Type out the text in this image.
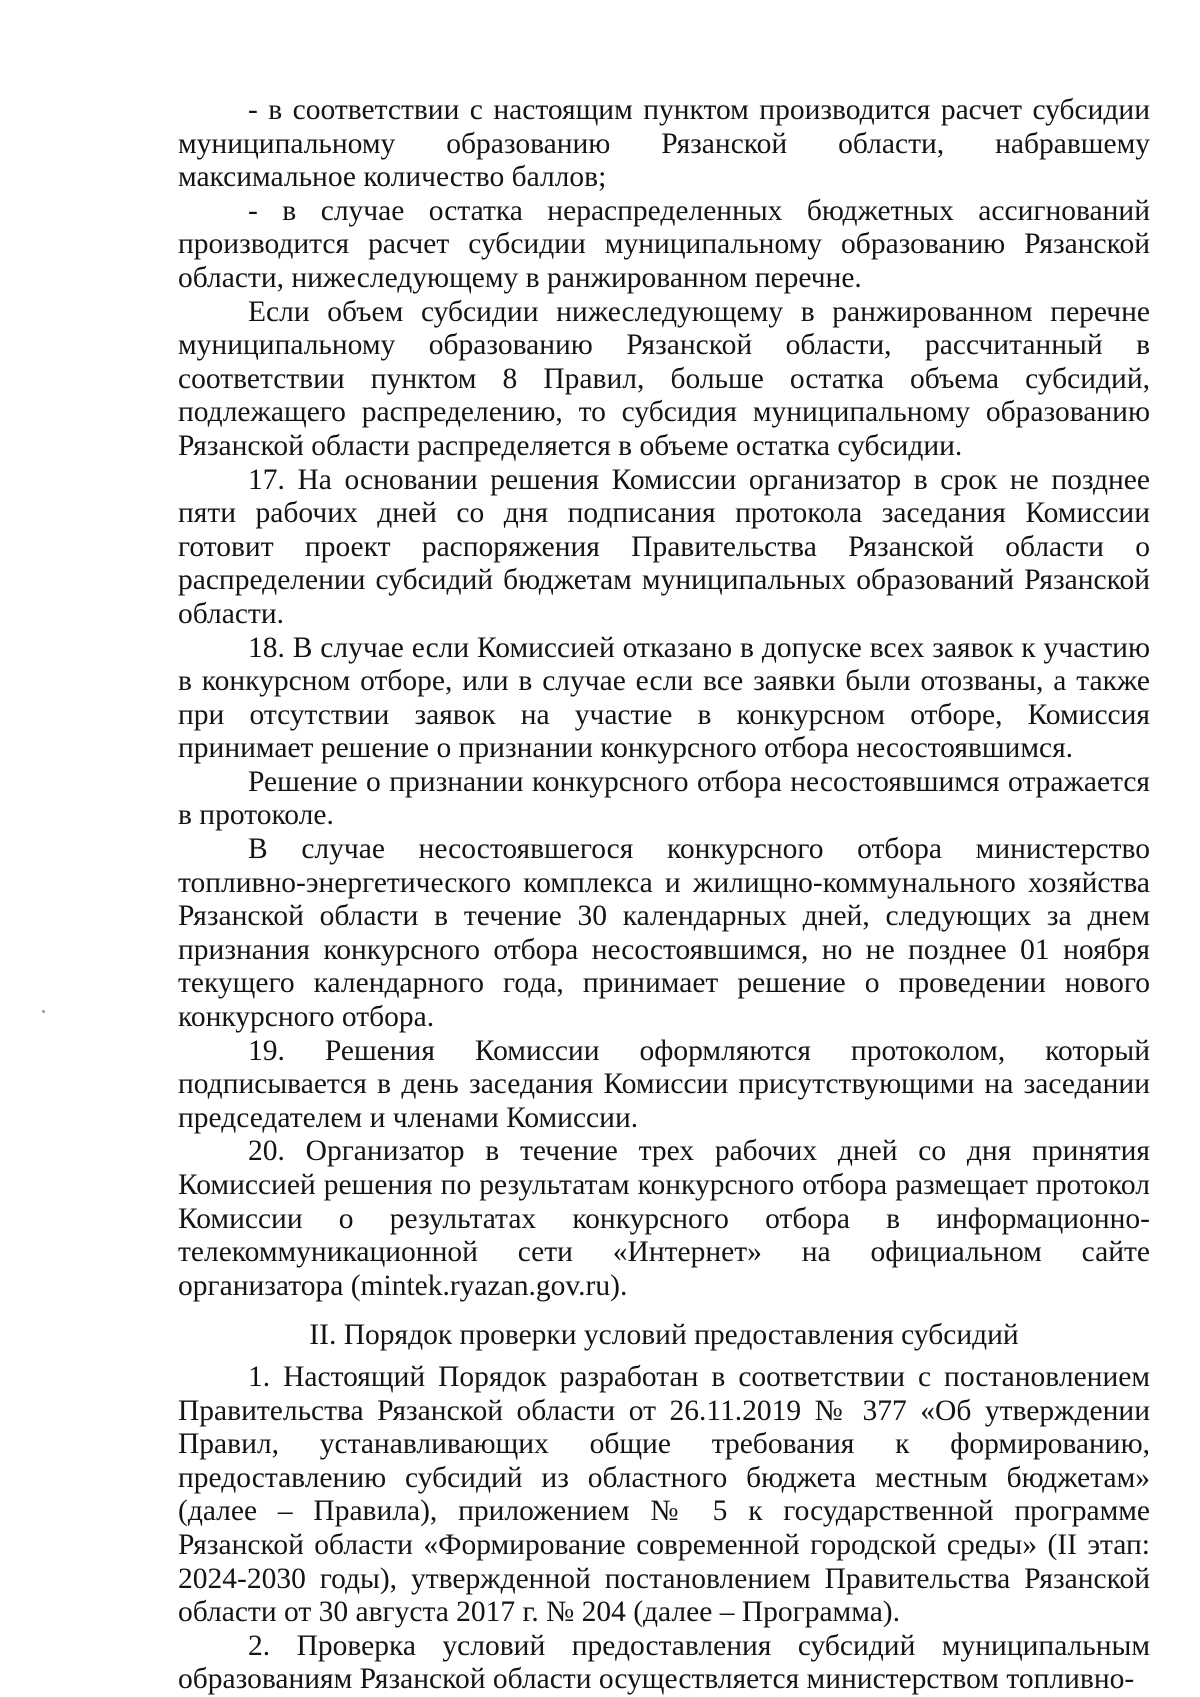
- в соответствии с настоящим пунктом производится расчет субсидии муниципальному образованию Рязанской области, набравшему максимальное количество баллов;

- в случае остатка нераспределенных бюджетных ассигнований производится расчет субсидии муниципальному образованию Рязанской области, нижеследующему в ранжированном перечне.

Если объем субсидии нижеследующему в ранжированном перечне муниципальному образованию Рязанской области, рассчитанный в соответствии пунктом 8 Правил, больше остатка объема субсидий, подлежащего распределению, то субсидия муниципальному образованию Рязанской области распределяется в объеме остатка субсидии.

17. На основании решения Комиссии организатор в срок не позднее пяти рабочих дней со дня подписания протокола заседания Комиссии готовит проект распоряжения Правительства Рязанской области о распределении субсидий бюджетам муниципальных образований Рязанской области.

18. В случае если Комиссией отказано в допуске всех заявок к участию в конкурсном отборе, или в случае если все заявки были отозваны, а также при отсутствии заявок на участие в конкурсном отборе, Комиссия принимает решение о признании конкурсного отбора несостоявшимся.

Решение о признании конкурсного отбора несостоявшимся отражается в протоколе.

В случае несостоявшегося конкурсного отбора министерство топливно-энергетического комплекса и жилищно-коммунального хозяйства Рязанской области в течение 30 календарных дней, следующих за днем признания конкурсного отбора несостоявшимся, но не позднее 01 ноября текущего календарного года, принимает решение о проведении нового конкурсного отбора.

19. Решения Комиссии оформляются протоколом, который подписывается в день заседания Комиссии присутствующими на заседании председателем и членами Комиссии.

20. Организатор в течение трех рабочих дней со дня принятия Комиссией решения по результатам конкурсного отбора размещает протокол Комиссии о результатах конкурсного отбора в информационно-телекоммуникационной сети «Интернет» на официальном сайте организатора (mintek.ryazan.gov.ru).

II. Порядок проверки условий предоставления субсидий

1. Настоящий Порядок разработан в соответствии с постановлением Правительства Рязанской области от 26.11.2019 № 377 «Об утверждении Правил, устанавливающих общие требования к формированию, предоставлению субсидий из областного бюджета местным бюджетам» (далее – Правила), приложением № 5 к государственной программе Рязанской области «Формирование современной городской среды» (II этап: 2024-2030 годы), утвержденной постановлением Правительства Рязанской области от 30 августа 2017 г. № 204 (далее – Программа).

2. Проверка условий предоставления субсидий муниципальным образованиям Рязанской области осуществляется министерством топливно-
